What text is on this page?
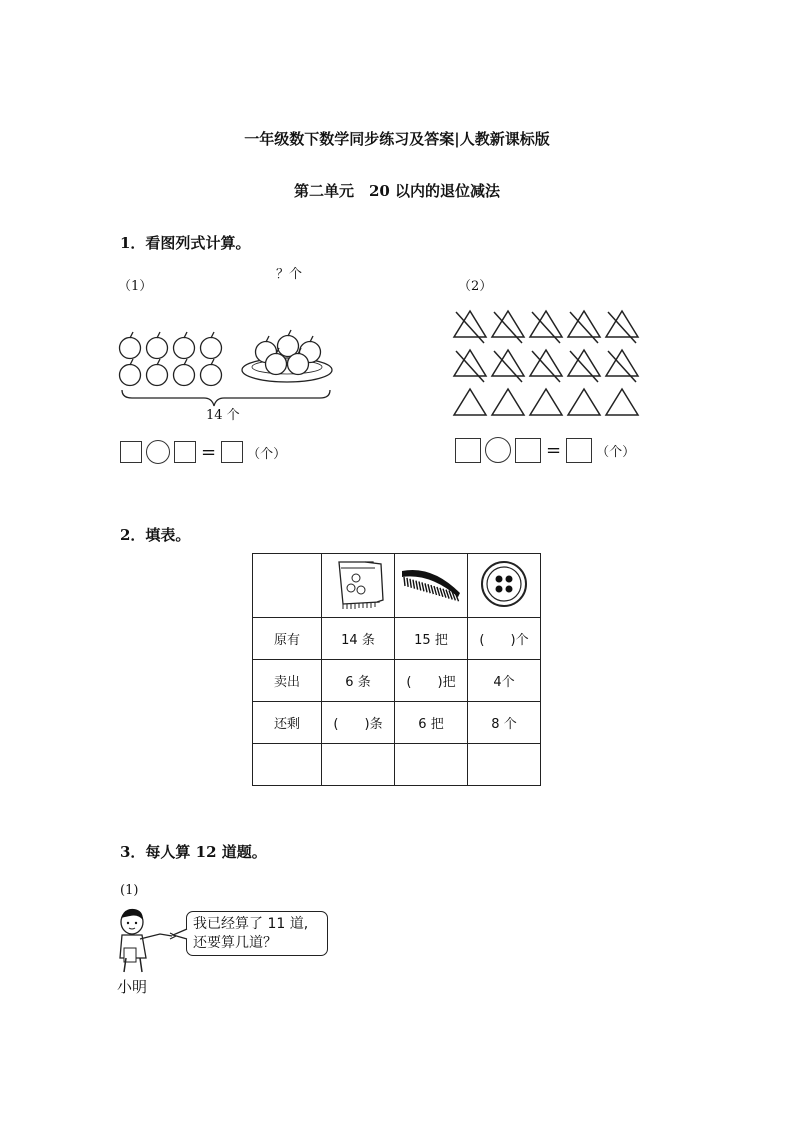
一年级数下数学同步练习及答案|人教新课标版
第二单元　20 以内的退位减法
1．看图列式计算。
（1）	（2）
？个
14 个
= （个）	=	（个）
2．填表。

原有	14 条	15 把	(　　)个
卖出	6 条	(　　)把	4个
还剩	(　　)条	6 把	8 个

3．每人算 12 道题。
(1)
我已经算了 11 道,
还要算几道？
小明
